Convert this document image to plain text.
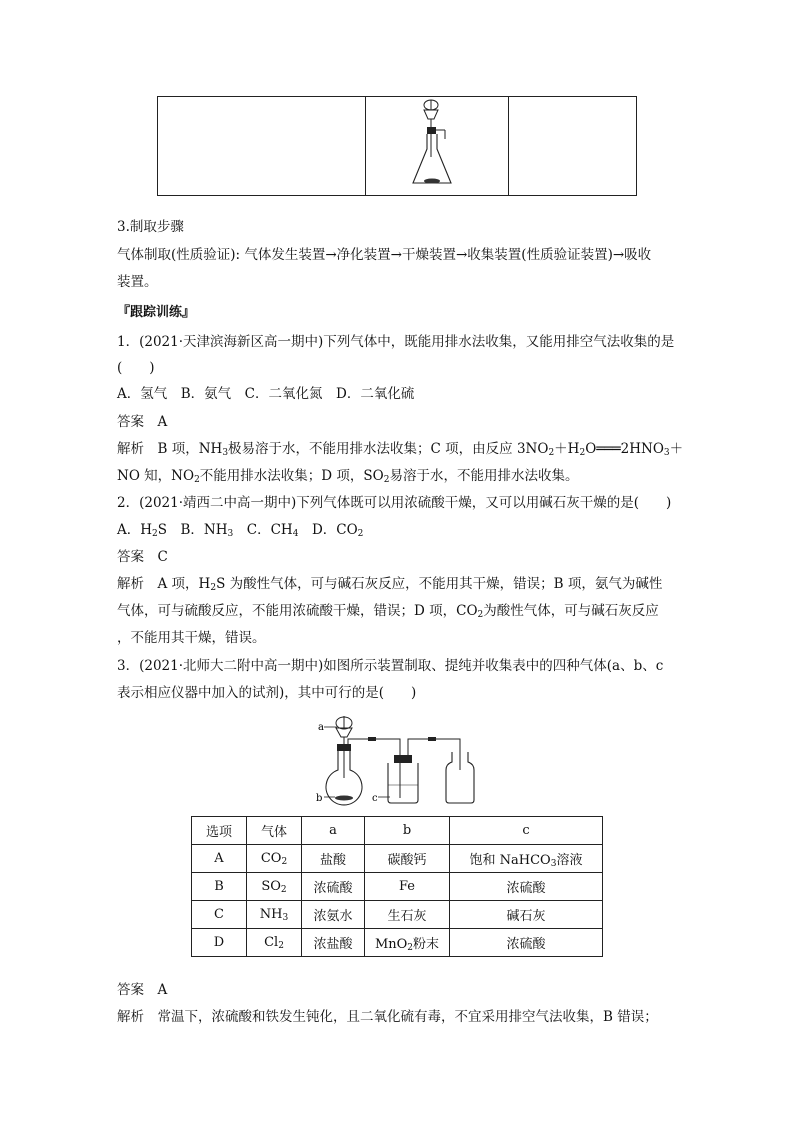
3.制取步骤
气体制取(性质验证): 气体发生装置→净化装置→干燥装置→收集装置(性质验证装置)→吸收
装置。
『跟踪训练』
1．(2021·天津滨海新区高一期中)下列气体中，既能用排水法收集，又能用排空气法收集的是
(　　)
A．氢气　B．氨气　C．二氧化氮　D．二氧化硫
答案　 A
解析　 B 项，$NH_3$极易溶于水，不能用排水法收集；C 项，由反应 $3NO_2+H_2O═══2HNO_3+$
NO 知，$NO_2$不能用排水法收集；D 项，$SO_2$易溶于水，不能用排水法收集。
2．(2021·靖西二中高一期中)下列气体既可以用浓硫酸干燥，又可以用碱石灰干燥的是(　　)
A．$H_2S$　 B．$NH_3$　 C．$CH_4$　 D．$CO_2$
答案　 C
解析　 A 项，$H_2S$ 为酸性气体，可与碱石灰反应，不能用其干燥，错误；B 项，氨气为碱性
气体，可与硫酸反应，不能用浓硫酸干燥，错误；D 项，$CO_2$为酸性气体，可与碱石灰反应
，不能用其干燥，错误。
3．(2021·北师大二附中高一期中)如图所示装置制取、提纯并收集表中的四种气体(a、b、c
表示相应仪器中加入的试剂)，其中可行的是(　　)
a
b	c
选项	气体	a	b	c
A	$CO_2$	盐酸	碳酸钙	饱和 NaHCO$_3$溶液
B	$SO_2$	浓硫酸	Fe	浓硫酸
C	$NH_3$	浓氨水	生石灰	碱石灰
D	$Cl_2$	浓盐酸	MnO$_2$粉末	浓硫酸
答案　 A
解析　 常温下，浓硫酸和铁发生钝化，且二氧化硫有毒，不宜采用排空气法收集，B 错误；
